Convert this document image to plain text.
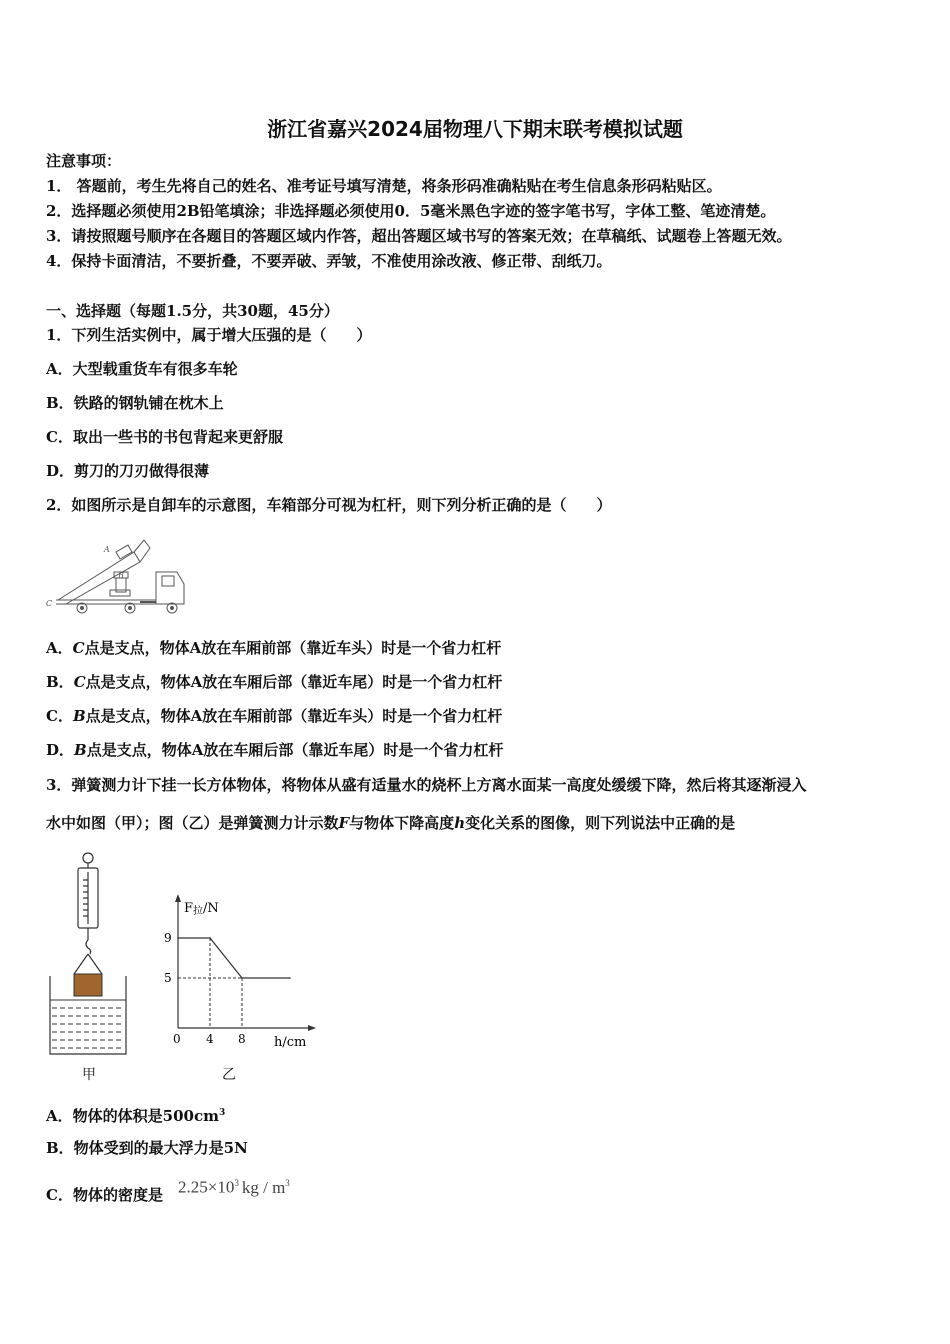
浙江省嘉兴2024届物理八下期末联考模拟试题
注意事项：
1． 答题前，考生先将自己的姓名、准考证号填写清楚，将条形码准确粘贴在考生信息条形码粘贴区。
2．选择题必须使用2B铅笔填涂；非选择题必须使用0．5毫米黑色字迹的签字笔书写，字体工整、笔迹清楚。
3．请按照题号顺序在各题目的答题区域内作答，超出答题区域书写的答案无效；在草稿纸、试题卷上答题无效。
4．保持卡面清洁，不要折叠，不要弄破、弄皱，不准使用涂改液、修正带、刮纸刀。
一、选择题（每题1.5分，共30题，45分）
1．下列生活实例中，属于增大压强的是（　　）
A．大型载重货车有很多车轮
B．铁路的钢轨铺在枕木上
C．取出一些书的书包背起来更舒服
D．剪刀的刀刃做得很薄
2．如图所示是自卸车的示意图，车箱部分可视为杠杆，则下列分析正确的是（　　）
A
B
C
A．C点是支点，物体A放在车厢前部（靠近车头）时是一个省力杠杆
B．C点是支点，物体A放在车厢后部（靠近车尾）时是一个省力杠杆
C．B点是支点，物体A放在车厢前部（靠近车头）时是一个省力杠杆
D．B点是支点，物体A放在车厢后部（靠近车尾）时是一个省力杠杆
3．弹簧测力计下挂一长方体物体，将物体从盛有适量水的烧杯上方离水面某一高度处缓缓下降，然后将其逐渐浸入
水中如图（甲）；图（乙）是弹簧测力计示数F与物体下降高度h变化关系的图像，则下列说法中正确的是
甲
4 8
9
5
F拉/N
h/cm
0
乙
A．物体的体积是$500cm^3$
B．物体受到的最大浮力是5N
C．物体的密度是 $2.25\times 10^3$ kg / $m^3$
